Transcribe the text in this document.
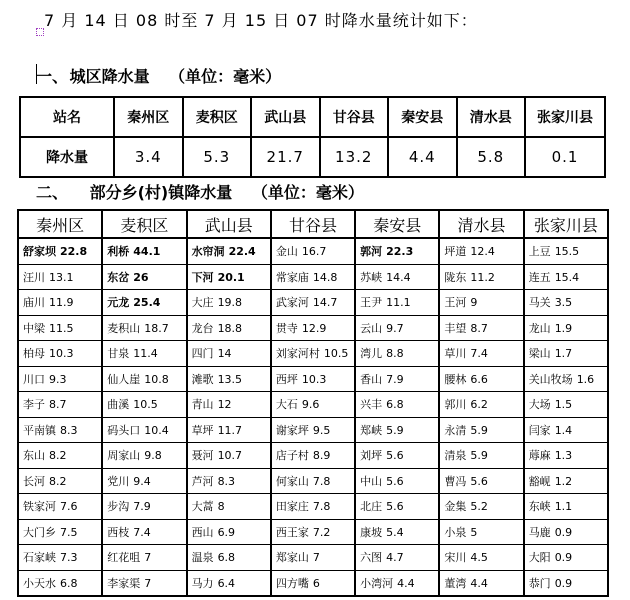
7 月 14 日 08 时至 7 月 15 日 07 时降水量统计如下：
一、 城区降水量 （单位：毫米）
站名	秦州区	麦积区	武山县	甘谷县	秦安县	清水县	张家川县
降水量	3.4	5.3	21.7	13.2	4.4	5.8	0.1
二、 部分乡(村)镇降水量 （单位：毫米）
秦州区	麦积区	武山县	甘谷县	秦安县	清水县	张家川县
舒家坝 22.8	利桥 44.1	水帘洞 22.4	金山 16.7	郭河 22.3	坪道 12.4	上豆 15.5
汪川 13.1	东岔 26	下河 20.1	常家庙 14.8	苏峡 14.4	陇东 11.2	连五 15.4
庙川 11.9	元龙 25.4	大庄 19.8	武家河 14.7	王尹 11.1	王河 9	马关 3.5
中梁 11.5	麦积山 18.7	龙台 18.8	贯寺 12.9	云山 9.7	丰望 8.7	龙山 1.9
柏母 10.3	甘泉 11.4	四门 14	刘家河村 10.5	湾儿 8.8	草川 7.4	梁山 1.7
川口 9.3	仙人崖 10.8	滩歌 13.5	西坪 10.3	香山 7.9	腰林 6.6	关山牧场 1.6
李子 8.7	曲溪 10.5	青山 12	大石 9.6	兴丰 6.8	郭川 6.2	大场 1.5
平南镇 8.3	码头口 10.4	草坪 11.7	谢家坪 9.5	郑峡 5.9	永清 5.9	闫家 1.4
东山 8.2	周家山 9.8	聂河 10.7	店子村 8.9	刘坪 5.6	清泉 5.9	蓐麻 1.3
长河 8.2	党川 9.4	芦河 8.3	何家山 7.8	中山 5.6	曹冯 5.6	豁岘 1.2
铁家河 7.6	步沟 7.9	大蒿 8	田家庄 7.8	北庄 5.6	金集 5.2	东峡 1.1
大门乡 7.5	西枝 7.4	西山 6.9	西王家 7.2	康坡 5.4	小泉 5	马鹿 0.9
石家峡 7.3	红花咀 7	温泉 6.8	郑家山 7	六图 4.7	宋川 4.5	大阳 0.9
小天水 6.8	李家渠 7	马力 6.4	四方嘴 6	小湾河 4.4	董湾 4.4	恭门 0.9
